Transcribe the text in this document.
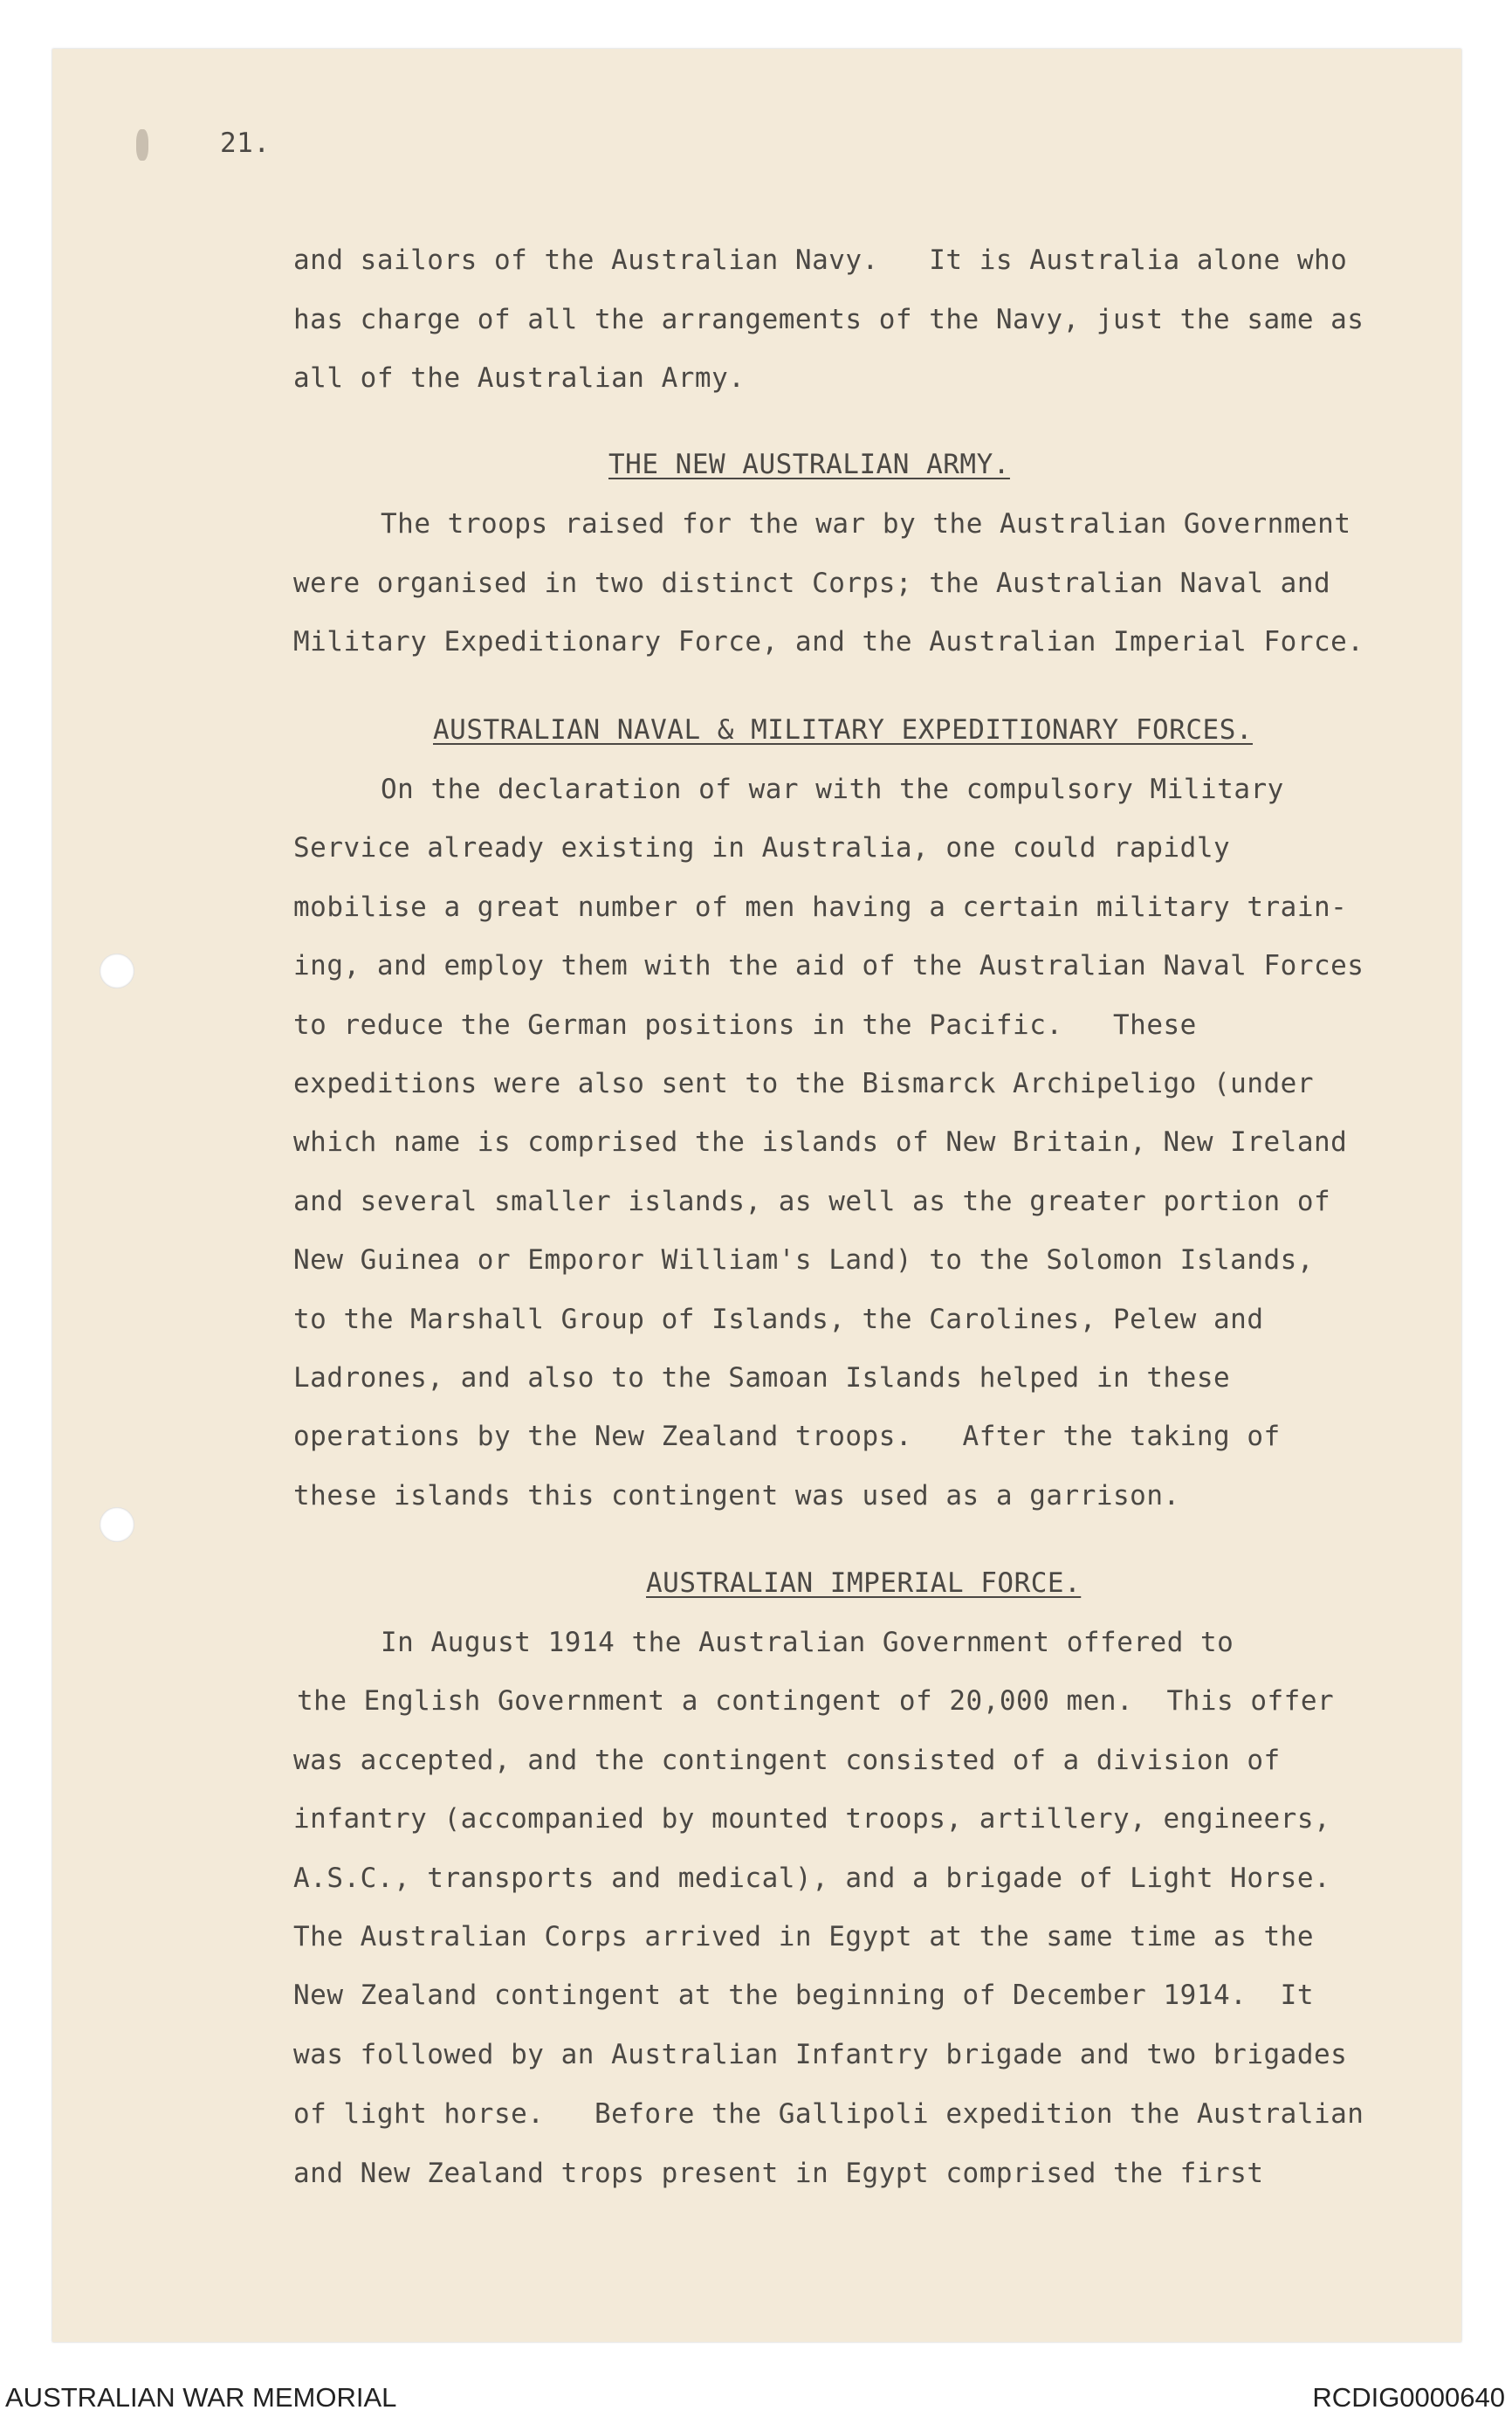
21.
and sailors of the Australian Navy.   It is Australia alone who
has charge of all the arrangements of the Navy, just the same as
all of the Australian Army.
THE NEW AUSTRALIAN ARMY.
The troops raised for the war by the Australian Government
were organised in two distinct Corps; the Australian Naval and
Military Expeditionary Force, and the Australian Imperial Force.
AUSTRALIAN NAVAL & MILITARY EXPEDITIONARY FORCES.
On the declaration of war with the compulsory Military
Service already existing in Australia, one could rapidly
mobilise a great number of men having a certain military train-
ing, and employ them with the aid of the Australian Naval Forces
to reduce the German positions in the Pacific.   These
expeditions were also sent to the Bismarck Archipeligo (under
which name is comprised the islands of New Britain, New Ireland
and several smaller islands, as well as the greater portion of
New Guinea or Emporor William's Land) to the Solomon Islands,
to the Marshall Group of Islands, the Carolines, Pelew and
Ladrones, and also to the Samoan Islands helped in these
operations by the New Zealand troops.   After the taking of
these islands this contingent was used as a garrison.
AUSTRALIAN IMPERIAL FORCE.
In August 1914 the Australian Government offered to
the English Government a contingent of 20,000 men.  This offer
was accepted, and the contingent consisted of a division of
infantry (accompanied by mounted troops, artillery, engineers,
A.S.C., transports and medical), and a brigade of Light Horse.
The Australian Corps arrived in Egypt at the same time as the
New Zealand contingent at the beginning of December 1914.  It
was followed by an Australian Infantry brigade and two brigades
of light horse.   Before the Gallipoli expedition the Australian
and New Zealand trops present in Egypt comprised the first
AUSTRALIAN WAR MEMORIAL	RCDIG0000640
